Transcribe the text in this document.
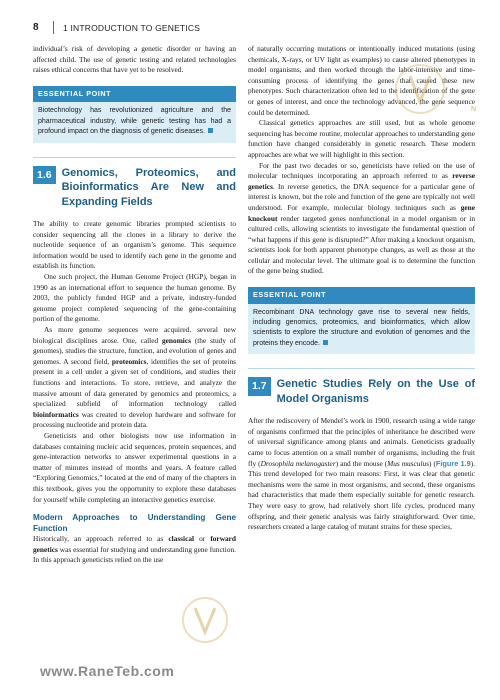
8	1 INTRODUCTION TO GENETICS

individual’s risk of developing a genetic disorder or having an affected child. The use of genetic testing and related technologies raises ethical concerns that have yet to be resolved.

ESSENTIAL POINT
Biotechnology has revolutionized agriculture and the pharmaceutical industry, while genetic testing has had a profound impact on the diagnosis of genetic diseases.
1.6 Genomics, Proteomics, and Bioinformatics Are New and Expanding Fields

The ability to create genomic libraries prompted scientists to consider sequencing all the clones in a library to derive the nucleotide sequence of an organism’s genome. This sequence information would be used to identify each gene in the genome and establish its function.

One such project, the Human Genome Project (HGP), began in 1990 as an international effort to sequence the human genome. By 2003, the publicly funded HGP and a private, industry-funded genome project completed sequencing of the gene-containing portion of the genome.

As more genome sequences were acquired, several new biological disciplines arose. One, called genomics (the study of genomes), studies the structure, function, and evolution of genes and genomes. A second field, proteomics, identifies the set of proteins present in a cell under a given set of conditions, and studies their functions and interactions. To store, retrieve, and analyze the massive amount of data generated by genomics and proteomics, a specialized subfield of information technology called bioinformatics was created to develop hardware and software for processing nucleotide and protein data.

Geneticists and other biologists now use information in databases containing nucleic acid sequences, protein sequences, and gene-interaction networks to answer experimental questions in a matter of minutes instead of months and years. A feature called “Exploring Genomics,” located at the end of many of the chapters in this textbook, gives you the opportunity to explore these databases for yourself while completing an interactive genetics exercise.

Modern Approaches to Understanding Gene Function

Historically, an approach referred to as classical or forward genetics was essential for studying and understanding gene function. In this approach geneticists relied on the use

of naturally occurring mutations or intentionally induced mutations (using chemicals, X-rays, or UV light as examples) to cause altered phenotypes in model organisms, and then worked through the labor-intensive and time-consuming process of identifying the genes that caused these new phenotypes. Such characterization often led to the identification of the gene or genes of interest, and once the technology advanced, the gene sequence could be determined.

Classical genetics approaches are still used, but as whole genome sequencing has become routine, molecular approaches to understanding gene function have changed considerably in genetic research. These modern approaches are what we will highlight in this section.

For the past two decades or so, geneticists have relied on the use of molecular techniques incorporating an approach referred to as reverse genetics. In reverse genetics, the DNA sequence for a particular gene of interest is known, but the role and function of the gene are typically not well understood. For example, molecular biology techniques such as gene knockout render targeted genes nonfunctional in a model organism or in cultured cells, allowing scientists to investigate the fundamental question of “what happens if this gene is disrupted?” After making a knockout organism, scientists look for both apparent phenotype changes, as well as those at the cellular and molecular level. The ultimate goal is to determine the function of the gene being studied.

ESSENTIAL POINT
Recombinant DNA technology gave rise to several new fields, including genomics, proteomics, and bioinformatics, which allow scientists to explore the structure and evolution of genomes and the proteins they encode.
1.7 Genetic Studies Rely on the Use of Model Organisms

After the rediscovery of Mendel’s work in 1900, research using a wide range of organisms confirmed that the principles of inheritance he described were of universal significance among plants and animals. Geneticists gradually came to focus attention on a small number of organisms, including the fruit fly (Drosophila melanogaster) and the mouse (Mus musculus) (Figure 1.9). This trend developed for two main reasons: First, it was clear that genetic mechanisms were the same in most organisms, and second, these organisms had characteristics that made them especially suitable for genetic research. They were easy to grow, had relatively short life cycles, produced many offspring, and their genetic analysis was fairly straightforward. Over time, researchers created a large catalog of mutant strains for these species,

www.RaneTeb.com
N
